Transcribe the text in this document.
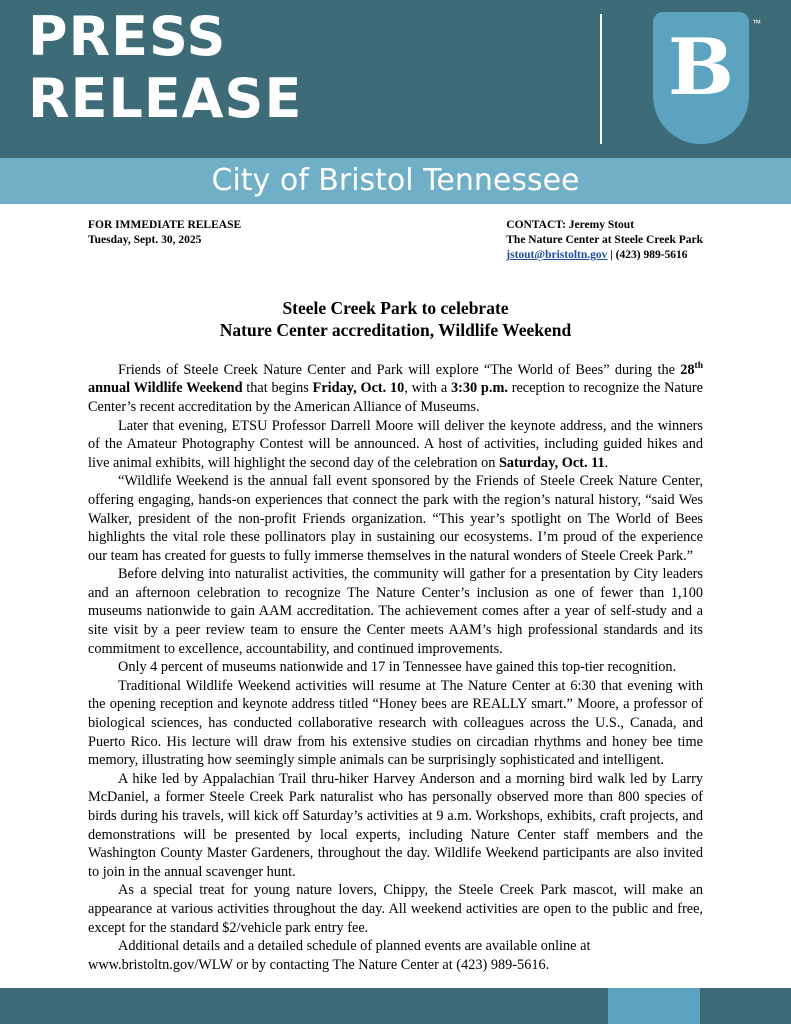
PRESS
RELEASE	B	™
City of Bristol Tennessee
FOR IMMEDIATE RELEASE
Tuesday, Sept. 30, 2025
CONTACT: Jeremy Stout
The Nature Center at Steele Creek Park
jstout@bristoltn.gov | (423) 989-5616
Steele Creek Park to celebrate
Nature Center accreditation, Wildlife Weekend

Friends of Steele Creek Nature Center and Park will explore “The World of Bees” during the 28th annual Wildlife Weekend that begins Friday, Oct. 10, with a 3:30 p.m. reception to recognize the Nature Center’s recent accreditation by the American Alliance of Museums.

Later that evening, ETSU Professor Darrell Moore will deliver the keynote address, and the winners of the Amateur Photography Contest will be announced. A host of activities, including guided hikes and live animal exhibits, will highlight the second day of the celebration on Saturday, Oct. 11.

“Wildlife Weekend is the annual fall event sponsored by the Friends of Steele Creek Nature Center, offering engaging, hands-on experiences that connect the park with the region’s natural history, “said Wes Walker, president of the non-profit Friends organization. “This year’s spotlight on The World of Bees highlights the vital role these pollinators play in sustaining our ecosystems. I’m proud of the experience our team has created for guests to fully immerse themselves in the natural wonders of Steele Creek Park.”

Before delving into naturalist activities, the community will gather for a presentation by City leaders and an afternoon celebration to recognize The Nature Center’s inclusion as one of fewer than 1,100 museums nationwide to gain AAM accreditation. The achievement comes after a year of self-study and a site visit by a peer review team to ensure the Center meets AAM’s high professional standards and its commitment to excellence, accountability, and continued improvements.

Only 4 percent of museums nationwide and 17 in Tennessee have gained this top-tier recognition.

Traditional Wildlife Weekend activities will resume at The Nature Center at 6:30 that evening with the opening reception and keynote address titled “Honey bees are REALLY smart.” Moore, a professor of biological sciences, has conducted collaborative research with colleagues across the U.S., Canada, and Puerto Rico. His lecture will draw from his extensive studies on circadian rhythms and honey bee time memory, illustrating how seemingly simple animals can be surprisingly sophisticated and intelligent.

A hike led by Appalachian Trail thru-hiker Harvey Anderson and a morning bird walk led by Larry McDaniel, a former Steele Creek Park naturalist who has personally observed more than 800 species of birds during his travels, will kick off Saturday’s activities at 9 a.m. Workshops, exhibits, craft projects, and demonstrations will be presented by local experts, including Nature Center staff members and the Washington County Master Gardeners, throughout the day. Wildlife Weekend participants are also invited to join in the annual scavenger hunt.

As a special treat for young nature lovers, Chippy, the Steele Creek Park mascot, will make an appearance at various activities throughout the day. All weekend activities are open to the public and free, except for the standard $2/vehicle park entry fee.

Additional details and a detailed schedule of planned events are available online at

www.bristoltn.gov/WLW or by contacting The Nature Center at (423) 989-5616.
